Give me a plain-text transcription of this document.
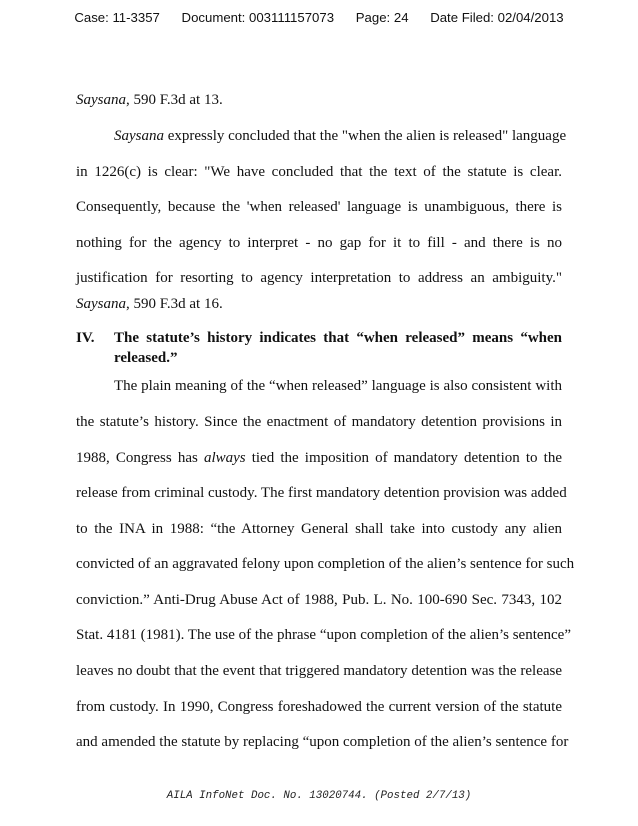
Case: 11-3357 Document: 003111157073 Page: 24 Date Filed: 02/04/2013
Saysana, 590 F.3d at 13.
Saysana expressly concluded that the "when the alien is released" language
in 1226(c) is clear: "We have concluded that the text of the statute is clear.
Consequently, because the 'when released' language is unambiguous, there is
nothing for the agency to interpret - no gap for it to fill - and there is no
justification for resorting to agency interpretation to address an ambiguity."
Saysana, 590 F.3d at 16.
IV. The statute’s history indicates that “when released” means “when
released.”
The plain meaning of the “when released” language is also consistent with
the statute’s history. Since the enactment of mandatory detention provisions in
1988, Congress has always tied the imposition of mandatory detention to the
release from criminal custody. The first mandatory detention provision was added
to the INA in 1988: “the Attorney General shall take into custody any alien
convicted of an aggravated felony upon completion of the alien’s sentence for such
conviction.” Anti-Drug Abuse Act of 1988, Pub. L. No. 100-690 Sec. 7343, 102
Stat. 4181 (1981). The use of the phrase “upon completion of the alien’s sentence”
leaves no doubt that the event that triggered mandatory detention was the release
from custody. In 1990, Congress foreshadowed the current version of the statute
and amended the statute by replacing “upon completion of the alien’s sentence for
AILA InfoNet Doc. No. 13020744. (Posted 2/7/13)
